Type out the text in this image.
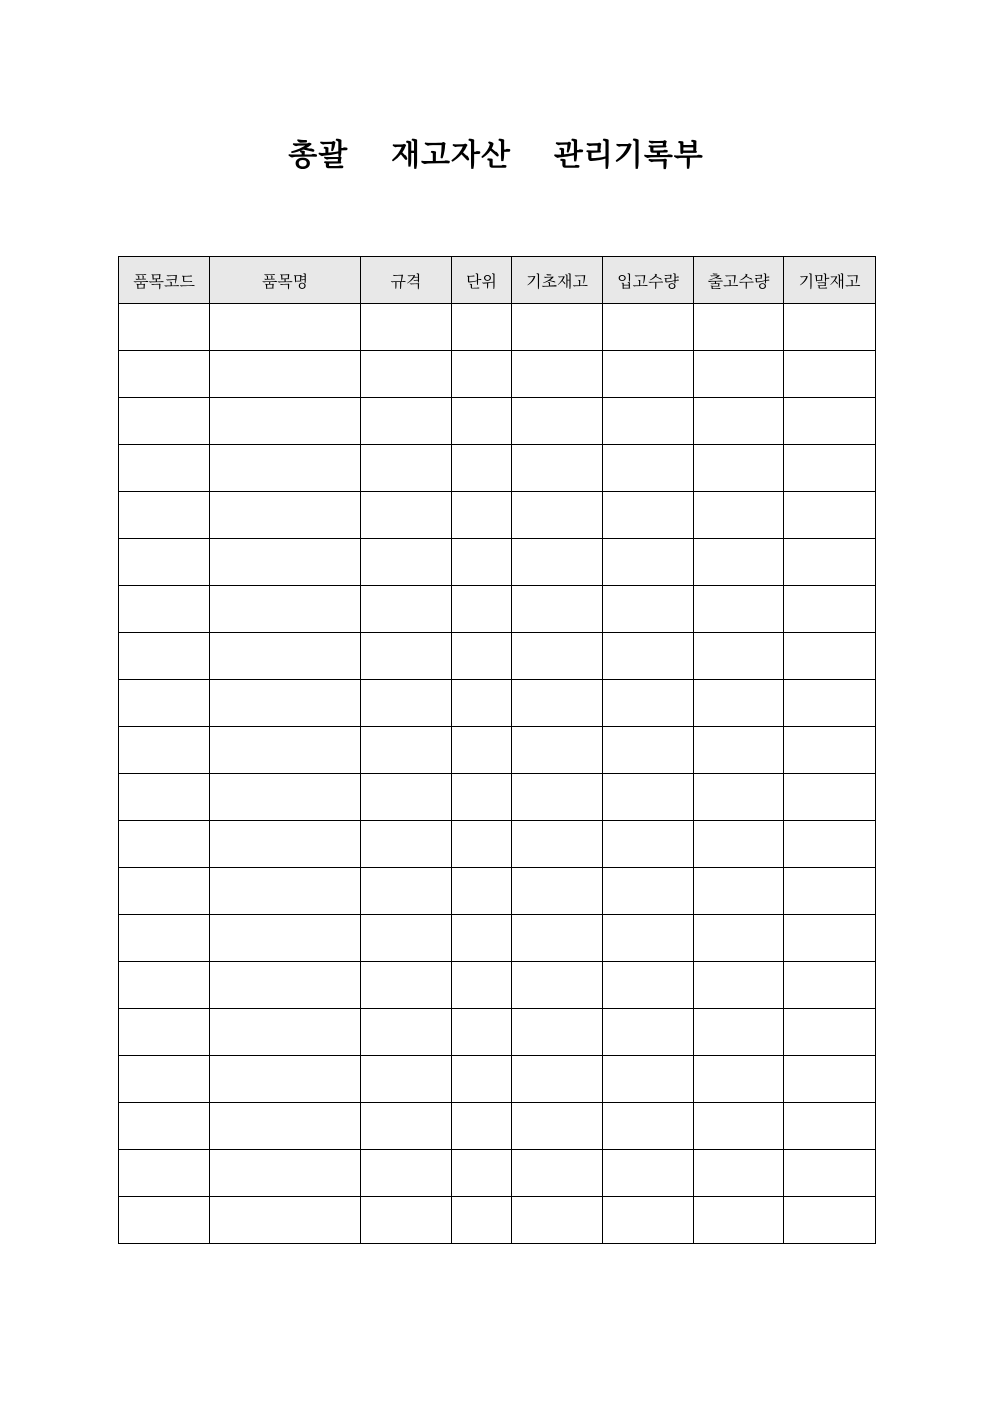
총괄  재고자산  관리기록부
품목코드	품목명	규격	단위	기초재고	입고수량	출고수량	기말재고
